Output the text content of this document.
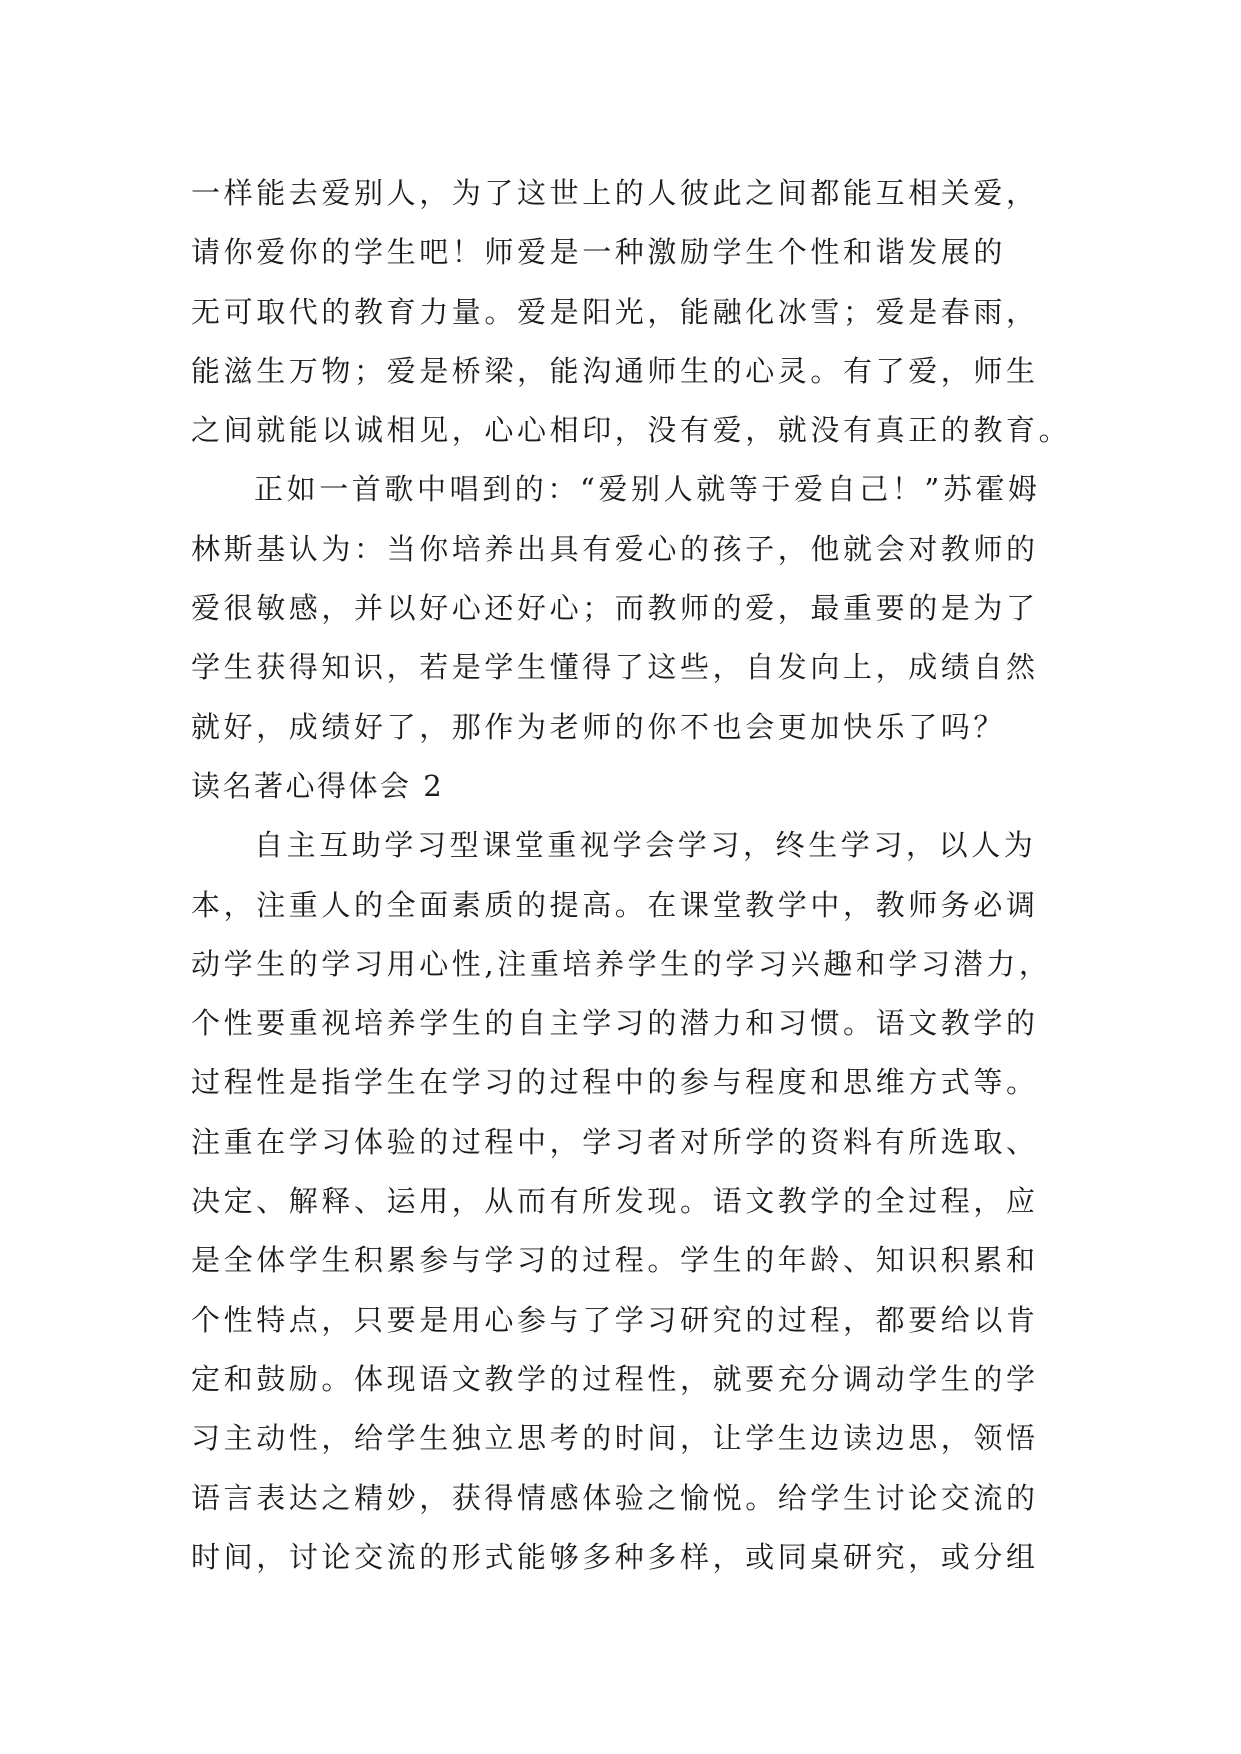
一样能去爱别人，为了这世上的人彼此之间都能互相关爱，
请你爱你的学生吧！师爱是一种激励学生个性和谐发展的
无可取代的教育力量。爱是阳光，能融化冰雪；爱是春雨，
能滋生万物；爱是桥梁，能沟通师生的心灵。有了爱，师生
之间就能以诚相见，心心相印，没有爱，就没有真正的教育。
正如一首歌中唱到的：“爱别人就等于爱自己！”苏霍姆
林斯基认为：当你培养出具有爱心的孩子，他就会对教师的
爱很敏感，并以好心还好心；而教师的爱，最重要的是为了
学生获得知识，若是学生懂得了这些，自发向上，成绩自然
就好，成绩好了，那作为老师的你不也会更加快乐了吗？
读名著心得体会 2
自主互助学习型课堂重视学会学习，终生学习，以人为
本，注重人的全面素质的提高。在课堂教学中，教师务必调
动学生的学习用心性,注重培养学生的学习兴趣和学习潜力，
个性要重视培养学生的自主学习的潜力和习惯。语文教学的
过程性是指学生在学习的过程中的参与程度和思维方式等。
注重在学习体验的过程中，学习者对所学的资料有所选取、
决定、解释、运用，从而有所发现。语文教学的全过程，应
是全体学生积累参与学习的过程。学生的年龄、知识积累和
个性特点，只要是用心参与了学习研究的过程，都要给以肯
定和鼓励。体现语文教学的过程性，就要充分调动学生的学
习主动性，给学生独立思考的时间，让学生边读边思，领悟
语言表达之精妙，获得情感体验之愉悦。给学生讨论交流的
时间，讨论交流的形式能够多种多样，或同桌研究，或分组
